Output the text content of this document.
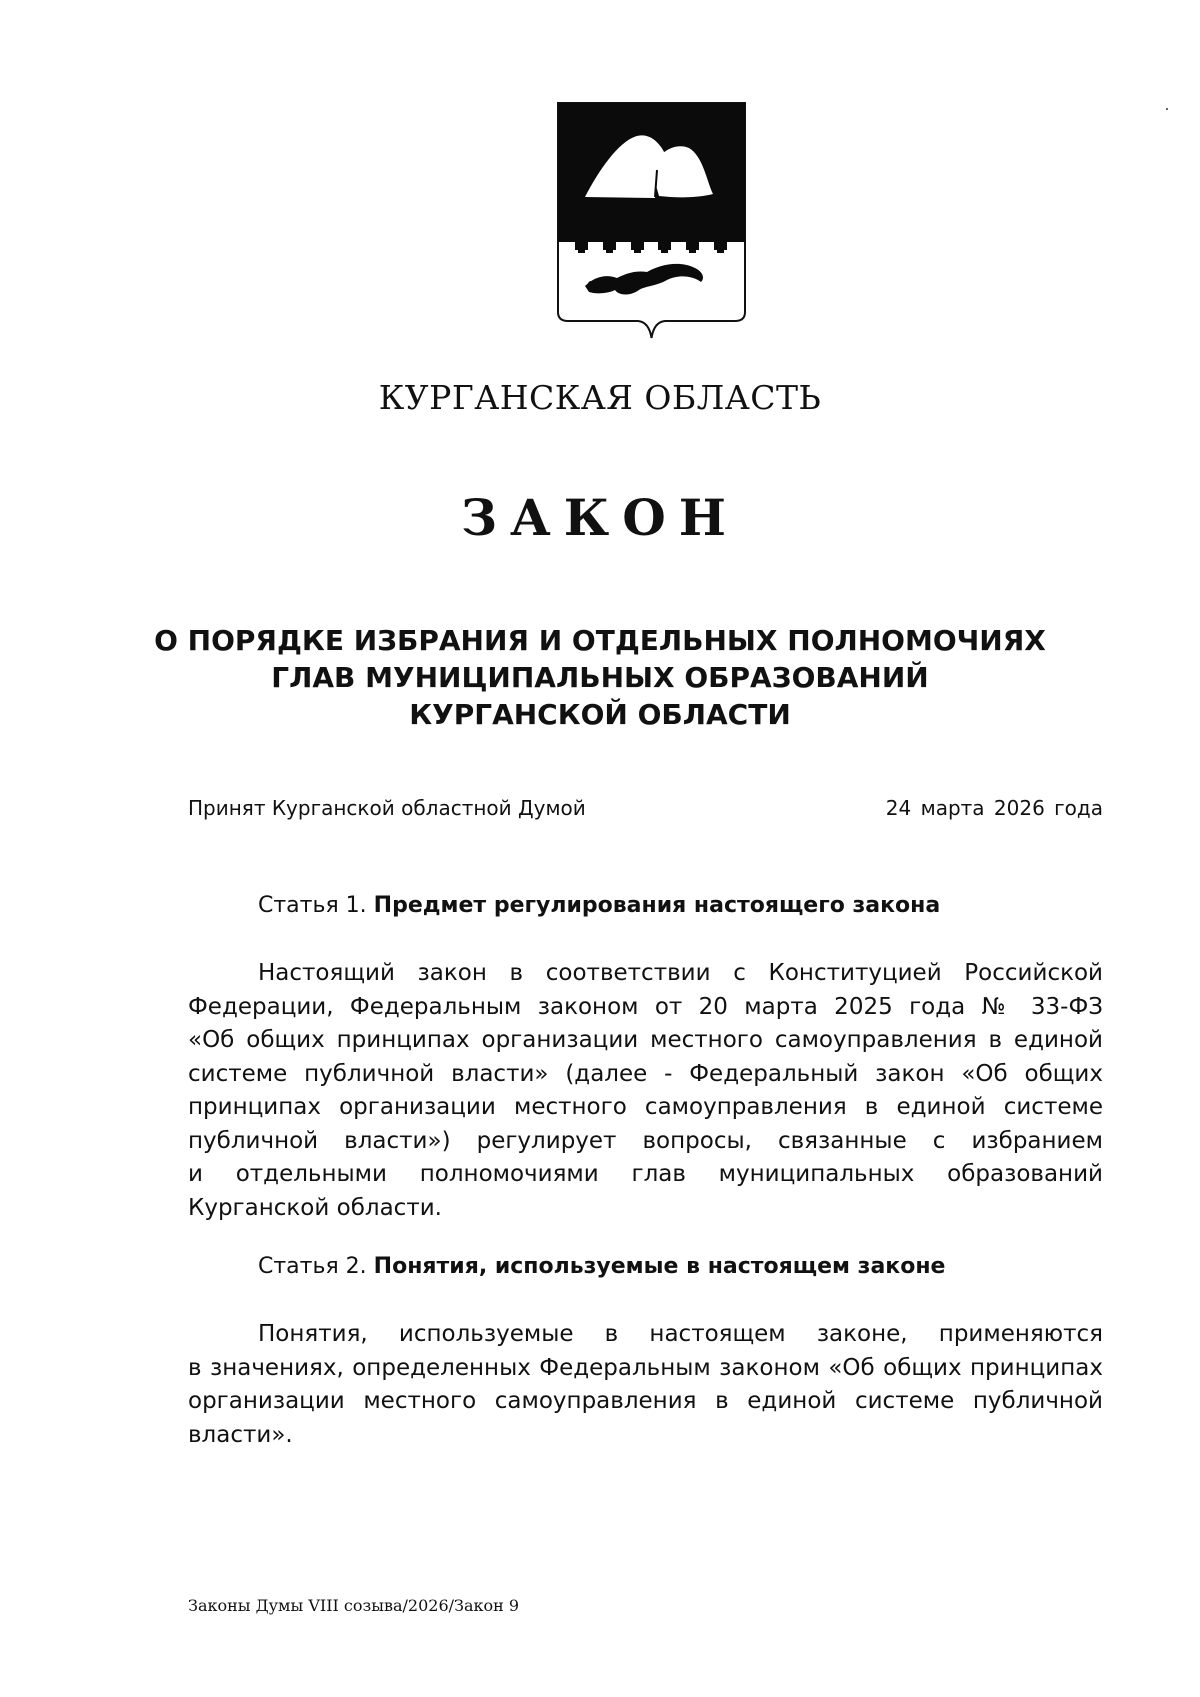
КУРГАНСКАЯ ОБЛАСТЬ
ЗАКОН
О ПОРЯДКЕ ИЗБРАНИЯ И ОТДЕЛЬНЫХ ПОЛНОМОЧИЯХ
ГЛАВ МУНИЦИПАЛЬНЫХ ОБРАЗОВАНИЙ
КУРГАНСКОЙ ОБЛАСТИ
Принят Курганской областной Думой	24 марта 2026 года
Статья 1. Предмет регулирования настоящего закона
Настоящий закон в соответствии с Конституцией Российской
Федерации, Федеральным законом от 20 марта 2025 года № 33-ФЗ
«Об общих принципах организации местного самоуправления в единой
системе публичной власти» (далее - Федеральный закон «Об общих
принципах организации местного самоуправления в единой системе
публичной власти») регулирует вопросы, связанные с избранием
и отдельными полномочиями глав муниципальных образований
Курганской области.
Статья 2. Понятия, используемые в настоящем законе
Понятия, используемые в настоящем законе, применяются
в значениях, определенных Федеральным законом «Об общих принципах
организации местного самоуправления в единой системе публичной
власти».
Законы Думы VIII созыва/2026/Закон 9
